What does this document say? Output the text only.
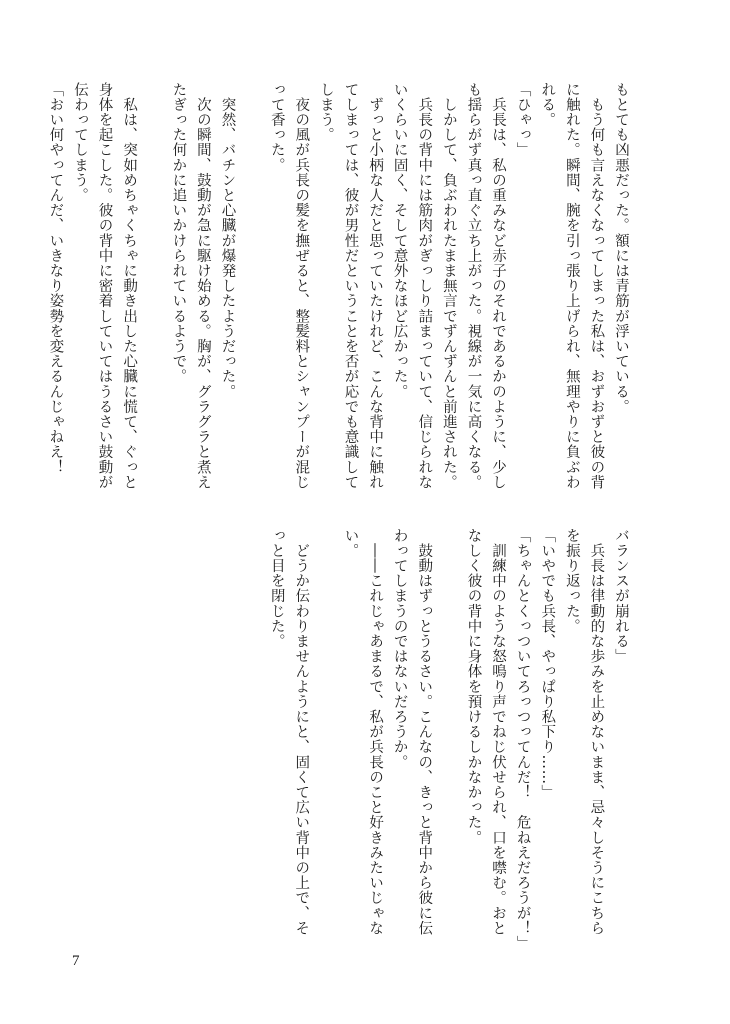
もとても凶悪だった。額には青筋が浮いている。
　もう何も言えなくなってしまった私は、おずおずと彼の背
に触れた。瞬間、腕を引っ張り上げられ、無理やりに負ぶわ
れる。
「ひゃっ」
　兵長は、私の重みなど赤子のそれであるかのように、少し
も揺らがず真っ直ぐ立ち上がった。視線が一気に高くなる。
　しかして、負ぶわれたまま無言でずんずんと前進された。
　兵長の背中には筋肉がぎっしり詰まっていて、信じられな
いくらいに固く、そして意外なほど広かった。
　ずっと小柄な人だと思っていたけれど、こんな背中に触れ
てしまっては、彼が男性だということを否が応でも意識して
しまう。
　夜の風が兵長の髪を撫ぜると、整髪料とシャンプーが混じ
って香った。

　突然、バチンと心臓が爆発したようだった。
　次の瞬間、鼓動が急に駆け始める。胸が、グラグラと煮え
たぎった何かに追いかけられているようで。

　私は、突如めちゃくちゃに動き出した心臓に慌て、ぐっと
身体を起こした。彼の背中に密着していてはうるさい鼓動が
伝わってしまう。
「おい何やってんだ、いきなり姿勢を変えるんじゃねえ！
バランスが崩れる」
　兵長は律動的な歩みを止めないまま、忌々しそうにこちら
を振り返った。
「いやでも兵長、やっぱり私下り……」
「ちゃんとくっついてろっつってんだ！　危ねえだろうが！」
　訓練中のような怒鳴り声でねじ伏せられ、口を噤む。おと
なしく彼の背中に身体を預けるしかなかった。

　鼓動はずっとうるさい。こんなの、きっと背中から彼に伝
わってしまうのではないだろうか。
　――これじゃあまるで、私が兵長のこと好きみたいじゃな
い。

　どうか伝わりませんようにと、固くて広い背中の上で、そ
っと目を閉じた。
7
